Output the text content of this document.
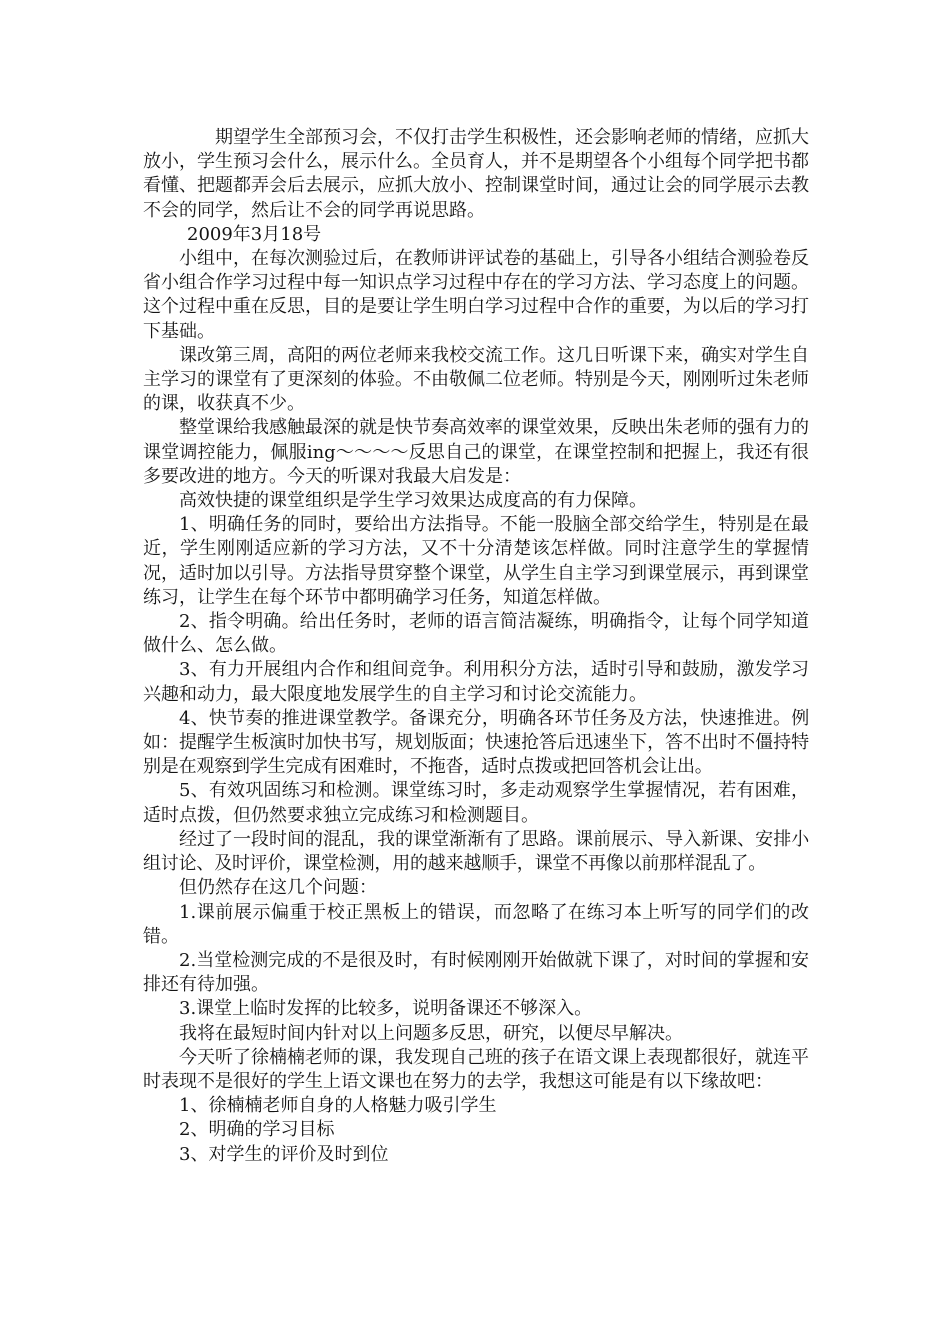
期望学生全部预习会，不仅打击学生积极性，还会影响老师的情绪，应抓大放小，学生预习会什么，展示什么。全员育人，并不是期望各个小组每个同学把书都看懂、把题都弄会后去展示，应抓大放小、控制课堂时间，通过让会的同学展示去教不会的同学，然后让不会的同学再说思路。

2009年3月18号

小组中，在每次测验过后，在教师讲评试卷的基础上，引导各小组结合测验卷反省小组合作学习过程中每一知识点学习过程中存在的学习方法、学习态度上的问题。这个过程中重在反思，目的是要让学生明白学习过程中合作的重要，为以后的学习打下基础。

课改第三周，高阳的两位老师来我校交流工作。这几日听课下来，确实对学生自主学习的课堂有了更深刻的体验。不由敬佩二位老师。特别是今天，刚刚听过朱老师的课，收获真不少。

整堂课给我感触最深的就是快节奏高效率的课堂效果，反映出朱老师的强有力的课堂调控能力，佩服ing～～～～反思自己的课堂，在课堂控制和把握上，我还有很多要改进的地方。今天的听课对我最大启发是：

高效快捷的课堂组织是学生学习效果达成度高的有力保障。

1、明确任务的同时，要给出方法指导。不能一股脑全部交给学生，特别是在最近，学生刚刚适应新的学习方法，又不十分清楚该怎样做。同时注意学生的掌握情况，适时加以引导。方法指导贯穿整个课堂，从学生自主学习到课堂展示，再到课堂练习，让学生在每个环节中都明确学习任务，知道怎样做。

2、指令明确。给出任务时，老师的语言简洁凝练，明确指令，让每个同学知道做什么、怎么做。

3、有力开展组内合作和组间竞争。利用积分方法，适时引导和鼓励，激发学习兴趣和动力，最大限度地发展学生的自主学习和讨论交流能力。

4、快节奏的推进课堂教学。备课充分，明确各环节任务及方法，快速推进。例如：提醒学生板演时加快书写，规划版面；快速抢答后迅速坐下，答不出时不僵持特别是在观察到学生完成有困难时，不拖沓，适时点拨或把回答机会让出。

5、有效巩固练习和检测。课堂练习时，多走动观察学生掌握情况，若有困难，适时点拨，但仍然要求独立完成练习和检测题目。

经过了一段时间的混乱，我的课堂渐渐有了思路。课前展示、导入新课、安排小组讨论、及时评价，课堂检测，用的越来越顺手，课堂不再像以前那样混乱了。

但仍然存在这几个问题：

1.课前展示偏重于校正黑板上的错误，而忽略了在练习本上听写的同学们的改错。

2.当堂检测完成的不是很及时，有时候刚刚开始做就下课了，对时间的掌握和安排还有待加强。

3.课堂上临时发挥的比较多，说明备课还不够深入。

我将在最短时间内针对以上问题多反思，研究，以便尽早解决。

今天听了徐楠楠老师的课，我发现自己班的孩子在语文课上表现都很好，就连平时表现不是很好的学生上语文课也在努力的去学，我想这可能是有以下缘故吧：

1、徐楠楠老师自身的人格魅力吸引学生

2、明确的学习目标

3、对学生的评价及时到位
